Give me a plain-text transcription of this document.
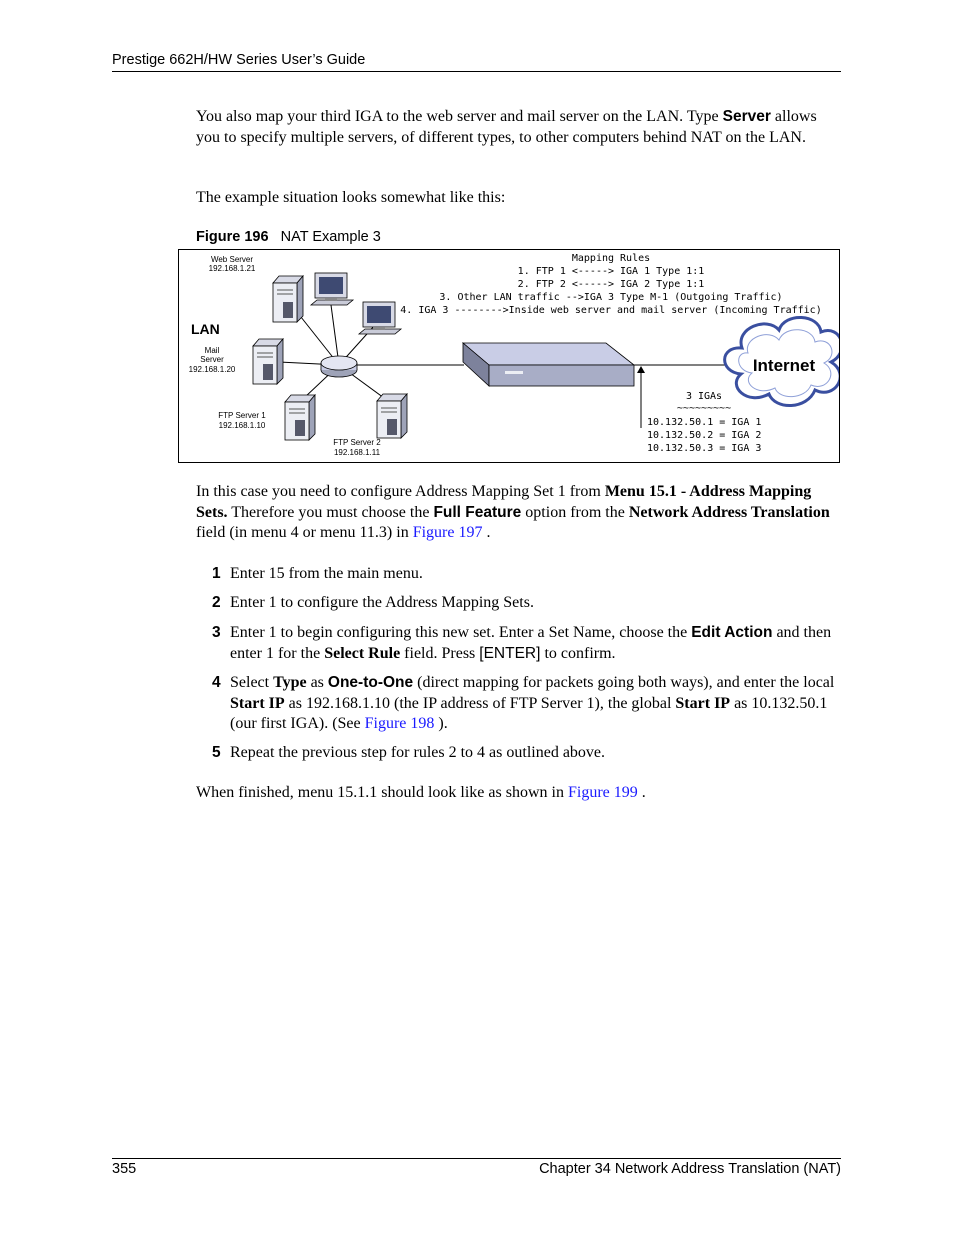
Prestige 662H/HW Series User’s Guide

You also map your third IGA to the web server and mail server on the LAN. Type Server allows you to specify multiple servers, of different types, to other computers behind NAT on the LAN.

The example situation looks somewhat like this:

Figure 196 NAT Example 3
Web Server
192.168.1.21
LAN
Mail
Server
192.168.1.20
FTP Server 1
192.168.1.10
FTP Server 2
192.168.1.11
Mapping Rules
1. FTP 1 <-----> IGA 1 Type 1:1
2. FTP 2 <-----> IGA 2 Type 1:1
3. Other LAN traffic -->IGA 3 Type M-1 (Outgoing Traffic)
4. IGA 3 -------->Inside web server and mail server (Incoming Traffic)
Internet
3 IGAs
~~~~~~~~~
10.132.50.1 = IGA 1
10.132.50.2 = IGA 2
10.132.50.3 = IGA 3

In this case you need to configure Address Mapping Set 1 from Menu 15.1 - Address Mapping Sets. Therefore you must choose the Full Feature option from the Network Address Translation field (in menu 4 or menu 11.3) in Figure 197 .

1 Enter 15 from the main menu.
2 Enter 1 to configure the Address Mapping Sets.
3 Enter 1 to begin configuring this new set. Enter a Set Name, choose the Edit Action and then enter 1 for the Select Rule field. Press [ENTER] to confirm.
4 Select Type as One-to-One (direct mapping for packets going both ways), and enter the local Start IP as 192.168.1.10 (the IP address of FTP Server 1), the global Start IP as 10.132.50.1 (our first IGA). (See Figure 198 ).
5 Repeat the previous step for rules 2 to 4 as outlined above.

When finished, menu 15.1.1 should look like as shown in Figure 199 .

355	Chapter 34 Network Address Translation (NAT)
